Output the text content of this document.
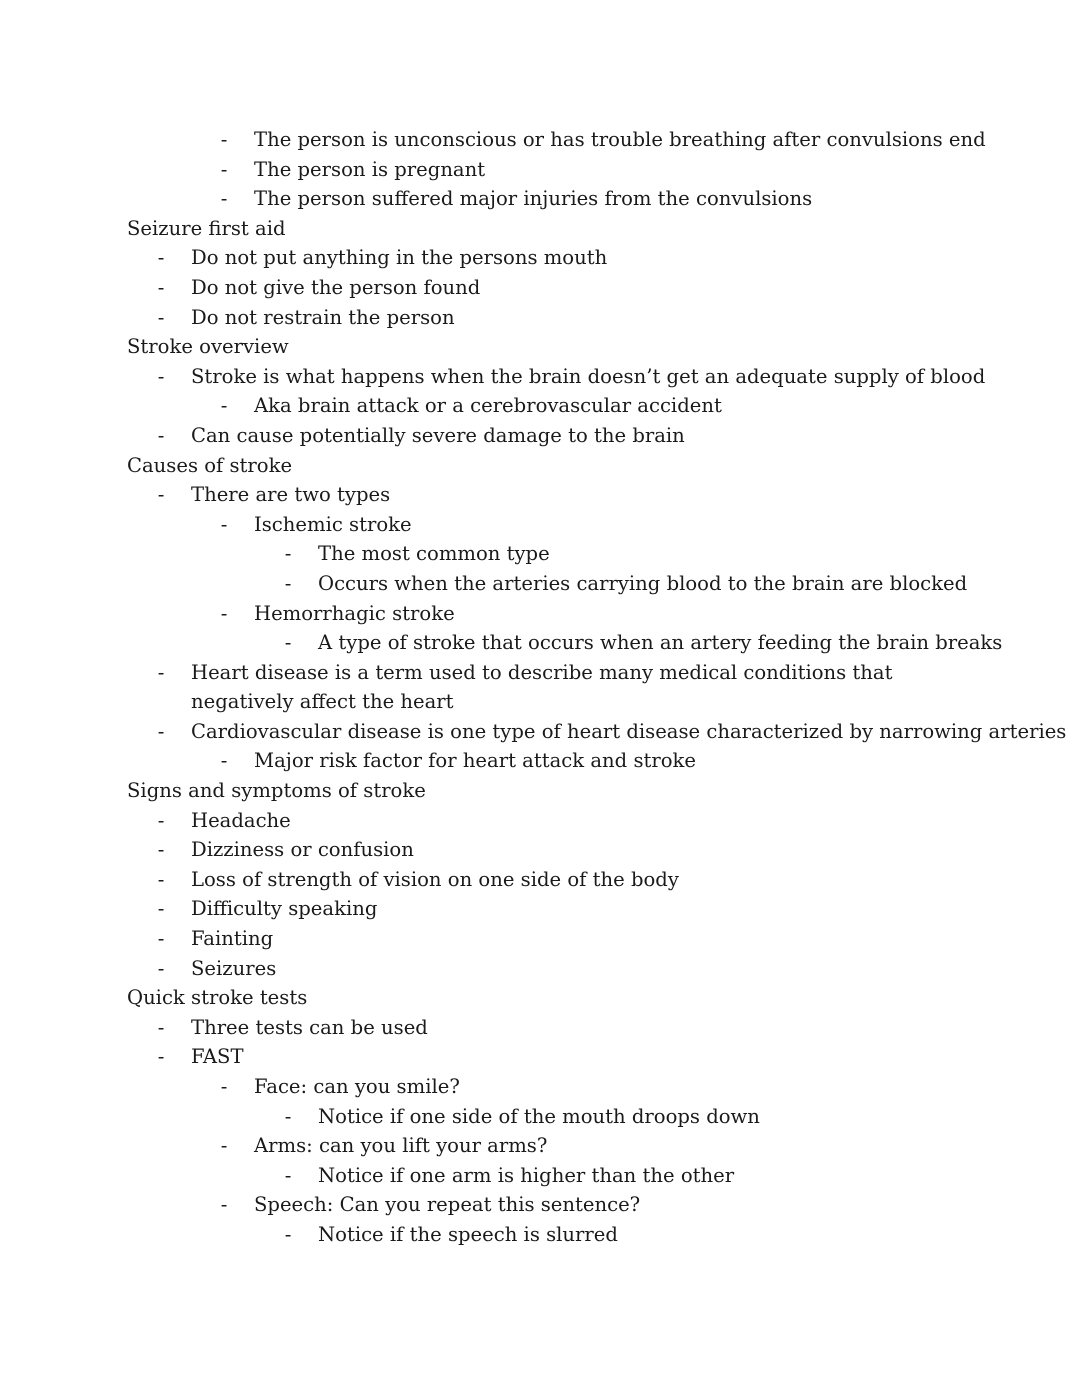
- The person is unconscious or has trouble breathing after convulsions end
- The person is pregnant
- The person suffered major injuries from the convulsions
Seizure first aid
- Do not put anything in the persons mouth
- Do not give the person found
- Do not restrain the person
Stroke overview
- Stroke is what happens when the brain doesn’t get an adequate supply of blood
- Aka brain attack or a cerebrovascular accident
- Can cause potentially severe damage to the brain
Causes of stroke
- There are two types
- Ischemic stroke
- The most common type
- Occurs when the arteries carrying blood to the brain are blocked
- Hemorrhagic stroke
- A type of stroke that occurs when an artery feeding the brain breaks
- Heart disease is a term used to describe many medical conditions that negatively affect the heart
- Cardiovascular disease is one type of heart disease characterized by narrowing arteries
- Major risk factor for heart attack and stroke
Signs and symptoms of stroke
- Headache
- Dizziness or confusion
- Loss of strength of vision on one side of the body
- Difficulty speaking
- Fainting
- Seizures
Quick stroke tests
- Three tests can be used
- FAST
- Face: can you smile?
- Notice if one side of the mouth droops down
- Arms: can you lift your arms?
- Notice if one arm is higher than the other
- Speech: Can you repeat this sentence?
- Notice if the speech is slurred
